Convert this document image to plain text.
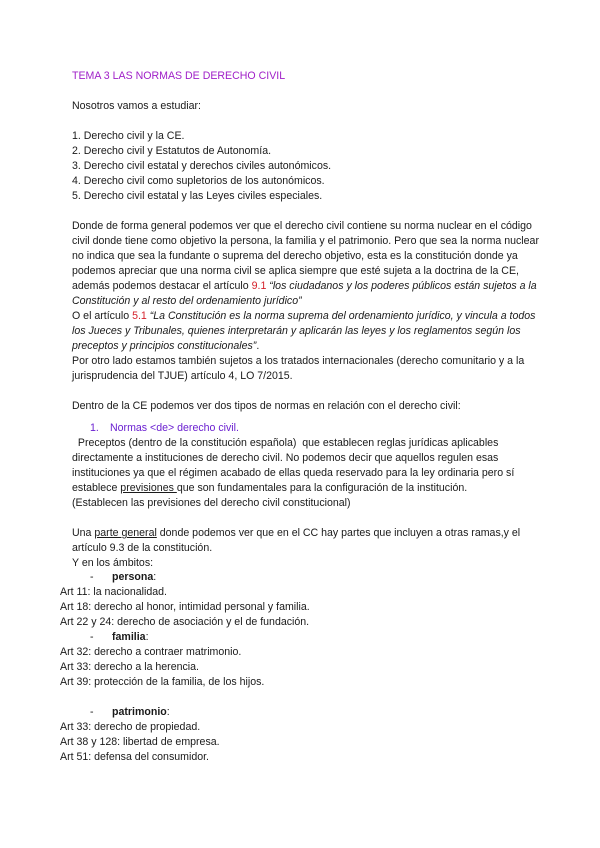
TEMA 3 LAS NORMAS DE DERECHO CIVIL

Nosotros vamos a estudiar:

1. Derecho civil y la CE.

2. Derecho civil y Estatutos de Autonomía.

3. Derecho civil estatal y derechos civiles autonómicos.

4. Derecho civil como supletorios de los autonómicos.

5. Derecho civil estatal y las Leyes civiles especiales.

Donde de forma general podemos ver que el derecho civil contiene su norma nuclear en el código civil donde tiene como objetivo la persona, la familia y el patrimonio. Pero que sea la norma nuclear no indica que sea la fundante o suprema del derecho objetivo, esta es la constitución donde ya podemos apreciar que una norma civil se aplica siempre que esté sujeta a la doctrina de la CE, además podemos destacar el artículo 9.1 “los ciudadanos y los poderes públicos están sujetos a la Constitución y al resto del ordenamiento jurídico”

O el artículo 5.1 “La Constitución es la norma suprema del ordenamiento jurídico, y vincula a todos los Jueces y Tribunales, quienes interpretarán y aplicarán las leyes y los reglamentos según los preceptos y principios constitucionales”.

Por otro lado estamos también sujetos a los tratados internacionales (derecho comunitario y a la jurisprudencia del TJUE) artículo 4, LO 7/2015.

Dentro de la CE podemos ver dos tipos de normas en relación con el derecho civil:

1. Normas <de> derecho civil.

Preceptos (dentro de la constitución española)  que establecen reglas jurídicas aplicables directamente a instituciones de derecho civil. No podemos decir que aquellos regulen esas instituciones ya que el régimen acabado de ellas queda reservado para la ley ordinaria pero sí establece previsiones que son fundamentales para la configuración de la institución.

(Establecen las previsiones del derecho civil constitucional)

Una parte general donde podemos ver que en el CC hay partes que incluyen a otras ramas,y el artículo 9.3 de la constitución.

Y en los ámbitos:

- persona:

Art 11: la nacionalidad.

Art 18: derecho al honor, intimidad personal y familia.

Art 22 y 24: derecho de asociación y el de fundación.

- familia:

Art 32: derecho a contraer matrimonio.

Art 33: derecho a la herencia.

Art 39: protección de la familia, de los hijos.

- patrimonio:

Art 33: derecho de propiedad.

Art 38 y 128: libertad de empresa.

Art 51: defensa del consumidor.
